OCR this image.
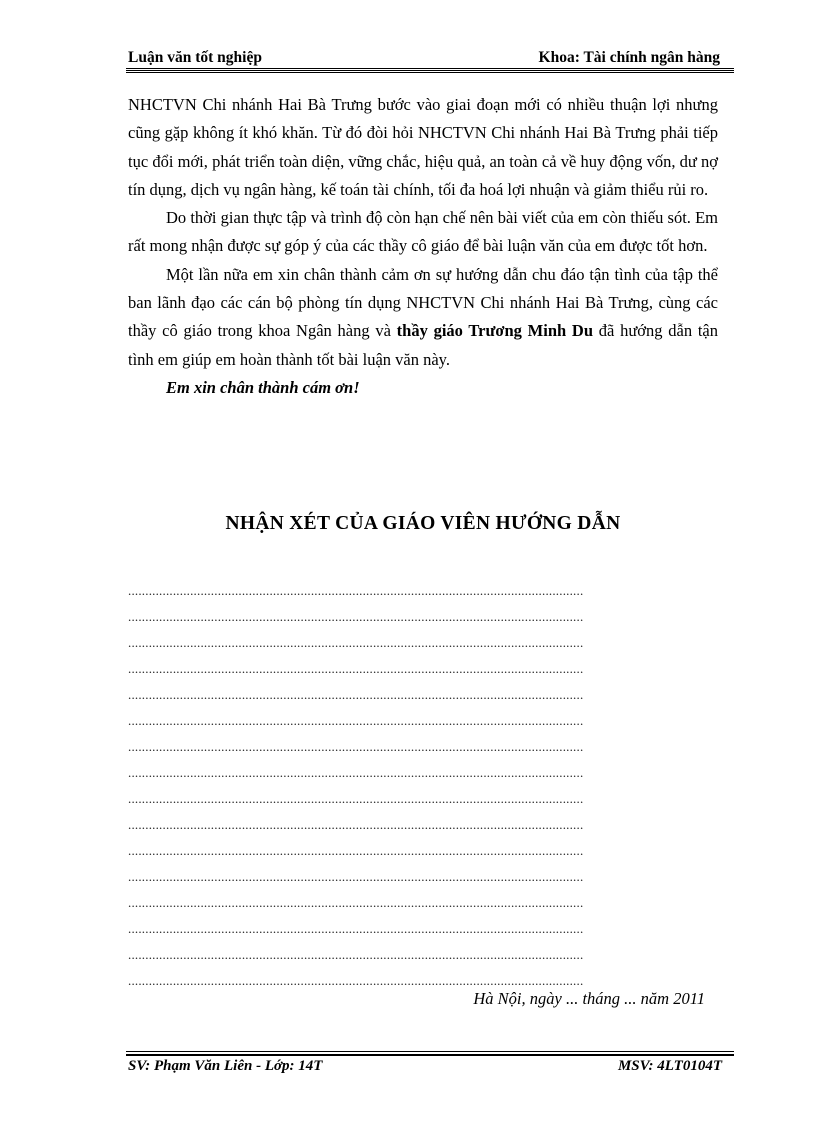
Luận văn tốt nghiệp	Khoa: Tài chính ngân hàng

NHCTVN Chi nhánh Hai Bà Trưng bước vào giai đoạn mới có nhiều thuận lợi nhưng cũng gặp không ít khó khăn. Từ đó đòi hỏi NHCTVN Chi nhánh Hai Bà Trưng phải tiếp tục đổi mới, phát triển toàn diện, vững chắc, hiệu quả, an toàn cả về huy động vốn, dư nợ tín dụng, dịch vụ ngân hàng, kế toán tài chính, tối đa hoá lợi nhuận và giảm thiểu rủi ro.

Do thời gian thực tập và trình độ còn hạn chế nên bài viết của em còn thiếu sót. Em rất mong nhận được sự góp ý của các thầy cô giáo để bài luận văn của em được tốt hơn.

Một lần nữa em xin chân thành cảm ơn sự hướng dẫn chu đáo tận tình của tập thể ban lãnh đạo các cán bộ phòng tín dụng NHCTVN Chi nhánh Hai Bà Trưng, cùng các thầy cô giáo trong khoa Ngân hàng và thầy giáo Trương Minh Du đã hướng dẫn tận tình em giúp em hoàn thành tốt bài luận văn này.

Em xin chân thành cám ơn!

NHẬN XÉT CỦA GIÁO VIÊN HƯỚNG DẪN
....................................................................................................................................
....................................................................................................................................
....................................................................................................................................
....................................................................................................................................
....................................................................................................................................
....................................................................................................................................
....................................................................................................................................
....................................................................................................................................
....................................................................................................................................
....................................................................................................................................
....................................................................................................................................
....................................................................................................................................
....................................................................................................................................
....................................................................................................................................
....................................................................................................................................
....................................................................................................................................
Hà Nội, ngày ... tháng ... năm 2011
SV: Phạm Văn Liên - Lớp: 14T	MSV: 4LT0104T
